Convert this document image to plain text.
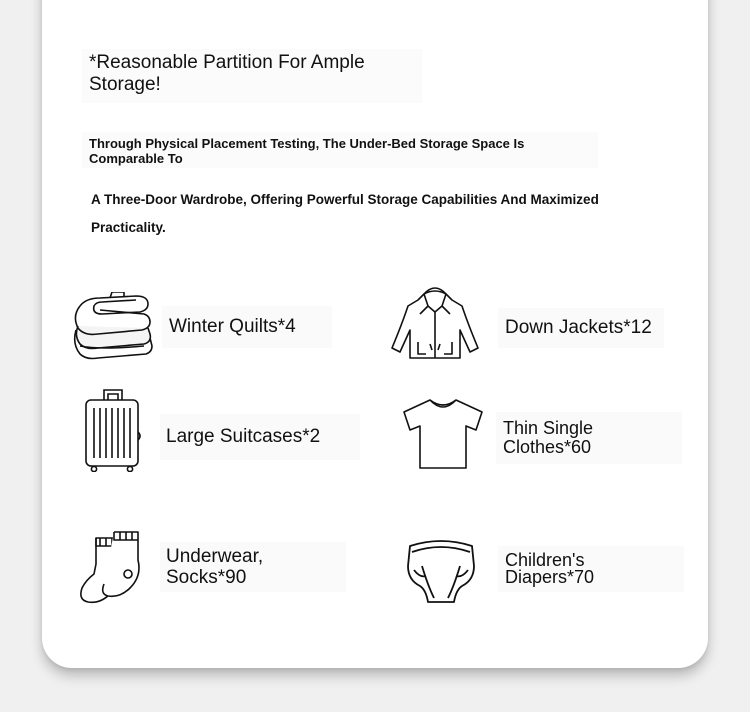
*Reasonable Partition For Ample Storage!
Through Physical Placement Testing, The Under-Bed Storage Space Is Comparable To
A Three-Door Wardrobe, Offering Powerful Storage Capabilities And Maximized Practicality.
Winter Quilts*4	Down Jackets*12
Large Suitcases*2	Thin Single
Clothes*60
Underwear,
Socks*90
Children's
Diapers*70
